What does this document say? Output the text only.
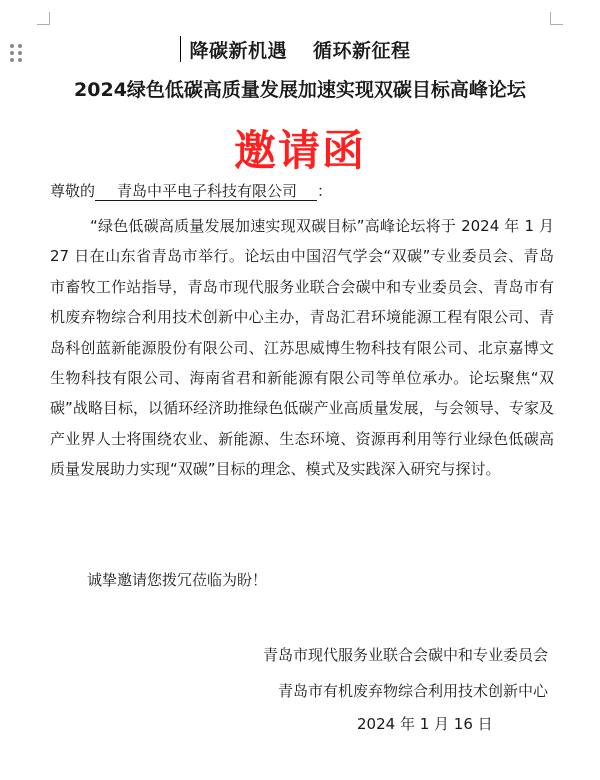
降碳新机遇 循环新征程
2024绿色低碳高质量发展加速实现双碳目标高峰论坛
邀请函
尊敬的 青岛中平电子科技有限公司 ：

“绿色低碳高质量发展加速实现双碳目标”高峰论坛将于 2024 年 1 月 27 日在山东省青岛市举行。论坛由中国沼气学会“双碳”专业委员会、青岛市畜牧工作站指导，青岛市现代服务业联合会碳中和专业委员会、青岛市有机废弃物综合利用技术创新中心主办，青岛汇君环境能源工程有限公司、青岛科创蓝新能源股份有限公司、江苏思威博生物科技有限公司、北京嘉博文生物科技有限公司、海南省君和新能源有限公司等单位承办。论坛聚焦“双碳”战略目标，以循环经济助推绿色低碳产业高质量发展，与会领导、专家及产业界人士将围绕农业、新能源、生态环境、资源再利用等行业绿色低碳高质量发展助力实现“双碳”目标的理念、模式及实践深入研究与探讨。

诚挚邀请您拨冗莅临为盼！
青岛市现代服务业联合会碳中和专业委员会
青岛市有机废弃物综合利用技术创新中心
2024 年 1 月 16 日
